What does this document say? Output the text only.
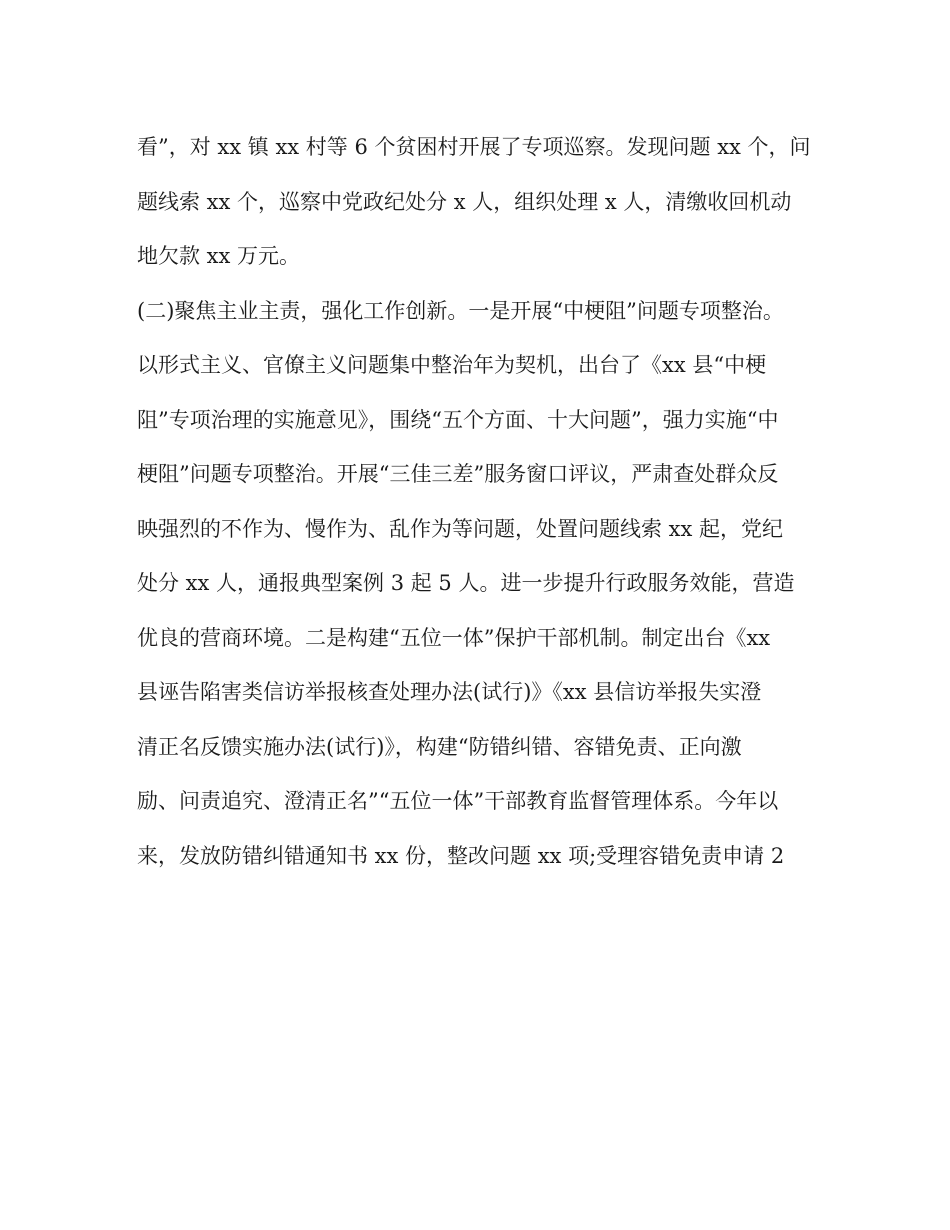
看”，对 xx 镇 xx 村等 6 个贫困村开展了专项巡察。发现问题 xx 个，问
题线索 xx 个，巡察中党政纪处分 x 人，组织处理 x 人，清缴收回机动
地欠款 xx 万元。
(二)聚焦主业主责，强化工作创新。一是开展“中梗阻”问题专项整治。
以形式主义、官僚主义问题集中整治年为契机，出台了《xx 县“中梗
阻”专项治理的实施意见》，围绕“五个方面、十大问题”，强力实施“中
梗阻”问题专项整治。开展“三佳三差”服务窗口评议，严肃查处群众反
映强烈的不作为、慢作为、乱作为等问题，处置问题线索 xx 起，党纪
处分 xx 人，通报典型案例 3 起 5 人。进一步提升行政服务效能，营造
优良的营商环境。二是构建“五位一体”保护干部机制。制定出台《xx
县诬告陷害类信访举报核查处理办法(试行)》《xx 县信访举报失实澄
清正名反馈实施办法(试行)》，构建“防错纠错、容错免责、正向激
励、问责追究、澄清正名”“五位一体”干部教育监督管理体系。今年以
来，发放防错纠错通知书 xx 份，整改问题 xx 项;受理容错免责申请 2
